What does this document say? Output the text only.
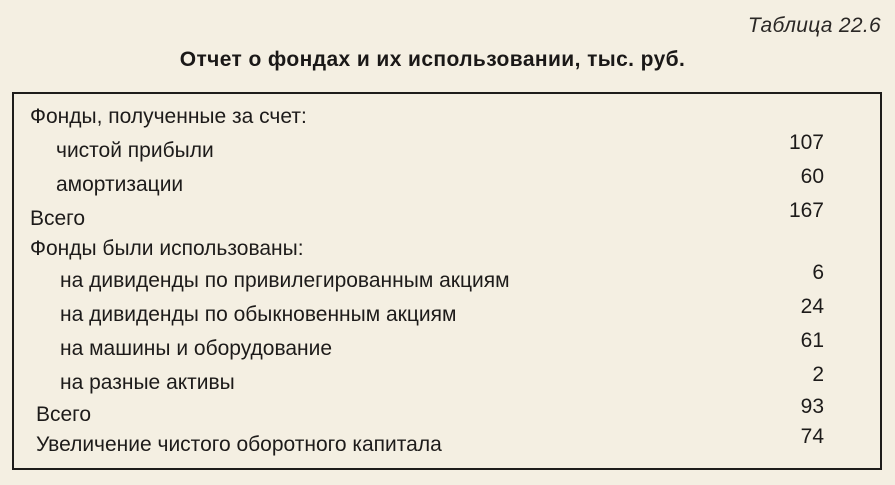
Таблица 22.6
Отчет о фондах и их использовании, тыс. руб.
Фонды, полученные за счет:
чистой прибыли	107
амортизации	60
Всего	167
Фонды были использованы:
на дивиденды по привилегированным акциям	6
на дивиденды по обыкновенным акциям	24
на машины и оборудование	61
на разные активы	2
Всего	93
Увеличение чистого оборотного капитала	74
